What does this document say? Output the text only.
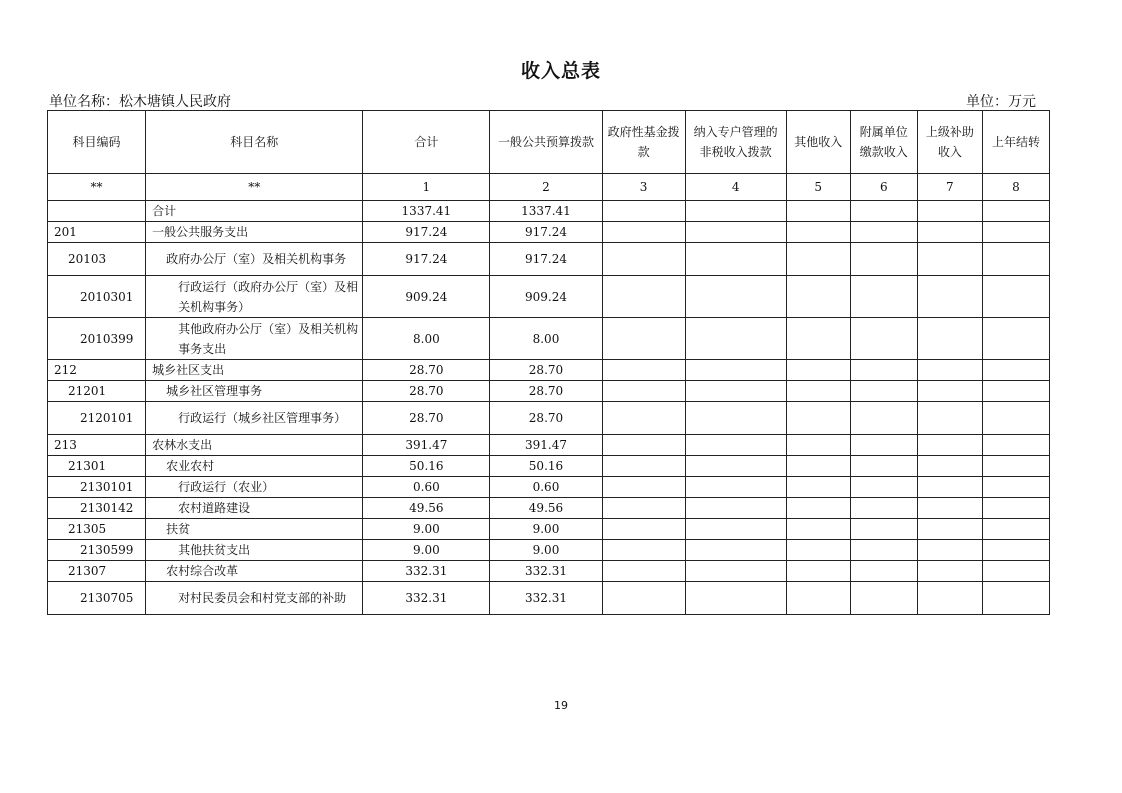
收入总表
单位名称：松木塘镇人民政府	单位：万元
科目编码	科目名称	合计	一般公共预算拨款	政府性基金拨款	纳入专户管理的非税收入拨款	其他收入	附属单位缴款收入	上级补助收入	上年结转
**	**	1	2	3	4	5	6	7	8
	合计	1337.41	1337.41						
201	一般公共服务支出	917.24	917.24						
20103	政府办公厅（室）及相关机构事务	917.24	917.24						
2010301	行政运行（政府办公厅（室）及相关机构事务）	909.24	909.24						
2010399	其他政府办公厅（室）及相关机构事务支出	8.00	8.00						
212	城乡社区支出	28.70	28.70						
21201	城乡社区管理事务	28.70	28.70						
2120101	行政运行（城乡社区管理事务）	28.70	28.70						
213	农林水支出	391.47	391.47						
21301	农业农村	50.16	50.16						
2130101	行政运行（农业）	0.60	0.60						
2130142	农村道路建设	49.56	49.56						
21305	扶贫	9.00	9.00						
2130599	其他扶贫支出	9.00	9.00						
21307	农村综合改革	332.31	332.31						
2130705	对村民委员会和村党支部的补助	332.31	332.31						
19
